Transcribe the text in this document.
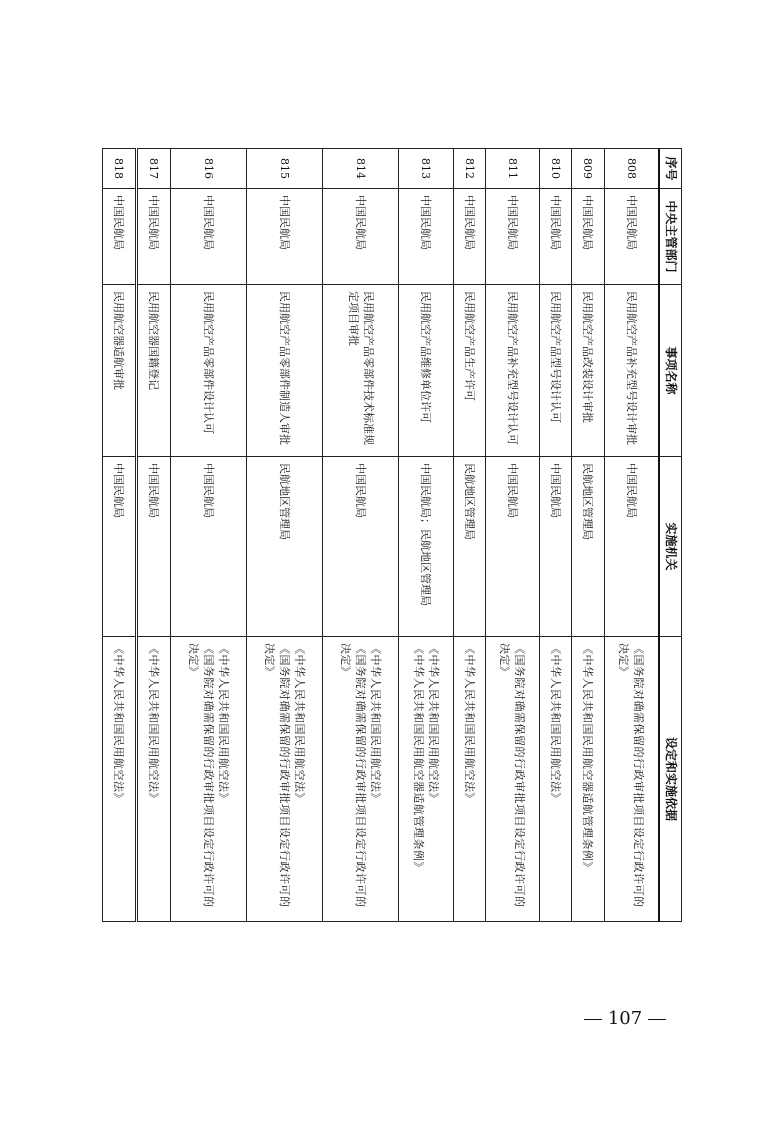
序号	中央主管部门	事项名称	实施机关	设定和实施依据
808	中国民航局	民用航空产品补充型号设计审批	中国民航局	《国务院对确需保留的行政审批项目设定行政许可的决定》
809	中国民航局	民用航空产品改装设计审批	民航地区管理局	《中华人民共和国民用航空器适航管理条例》
810	中国民航局	民用航空产品型号设计认可	中国民航局	《中华人民共和国民用航空法》
811	中国民航局	民用航空产品补充型号设计认可	中国民航局	《国务院对确需保留的行政审批项目设定行政许可的决定》
812	中国民航局	民用航空产品生产许可	民航地区管理局	《中华人民共和国民用航空法》
813	中国民航局	民用航空产品维修单位许可	中国民航局；民航地区管理局	《中华人民共和国民用航空法》
《中华人民共和国民用航空器适航管理条例》
814	中国民航局	民用航空产品零部件技术标准规定项目审批	中国民航局	《中华人民共和国民用航空法》
《国务院对确需保留的行政审批项目设定行政许可的决定》
815	中国民航局	民用航空产品零部件制造人审批	民航地区管理局	《中华人民共和国民用航空法》
《国务院对确需保留的行政审批项目设定行政许可的决定》
816	中国民航局	民用航空产品零部件设计认可	中国民航局	《中华人民共和国民用航空法》
《国务院对确需保留的行政审批项目设定行政许可的决定》
817	中国民航局	民用航空器国籍登记	中国民航局	《中华人民共和国民用航空法》
818	中国民航局	民用航空器适航审批	中国民航局	《中华人民共和国民用航空法》
107
